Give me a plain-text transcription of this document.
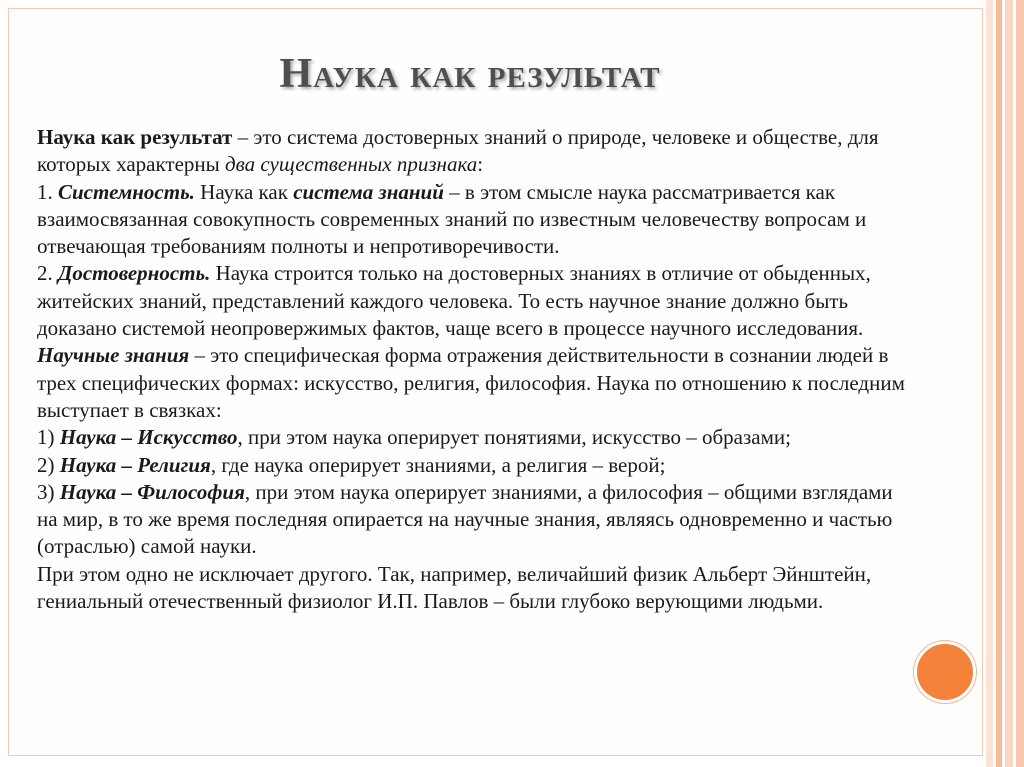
Наука как результат

Наука как результат – это система достоверных знаний о природе, человеке и обществе, для которых характерны два существенных признака:

1. Системность. Наука как система знаний – в этом смысле наука рассматривается как взаимосвязанная совокупность современных знаний по известным человечеству вопросам и отвечающая требованиям полноты и непротиворечивости.

2. Достоверность. Наука строится только на достоверных знаниях в отличие от обыденных, житейских знаний, представлений каждого человека. То есть научное знание должно быть доказано системой неопровержимых фактов, чаще всего в процессе научного исследования.

Научные знания – это специфическая форма отражения действительности в сознании людей в трех специфических формах: искусство, религия, философия. Наука по отношению к последним выступает в связках:

1) Наука – Искусство, при этом наука оперирует понятиями, искусство – образами;

2) Наука – Религия, где наука оперирует знаниями, а религия – верой;

3) Наука – Философия, при этом наука оперирует знаниями, а философия – общими взглядами на мир, в то же время последняя опирается на научные знания, являясь одновременно и частью (отраслью) самой науки.

При этом одно не исключает другого. Так, например, величайший физик Альберт Эйнштейн, гениальный отечественный физиолог И.П. Павлов – были глубоко верующими людьми.
